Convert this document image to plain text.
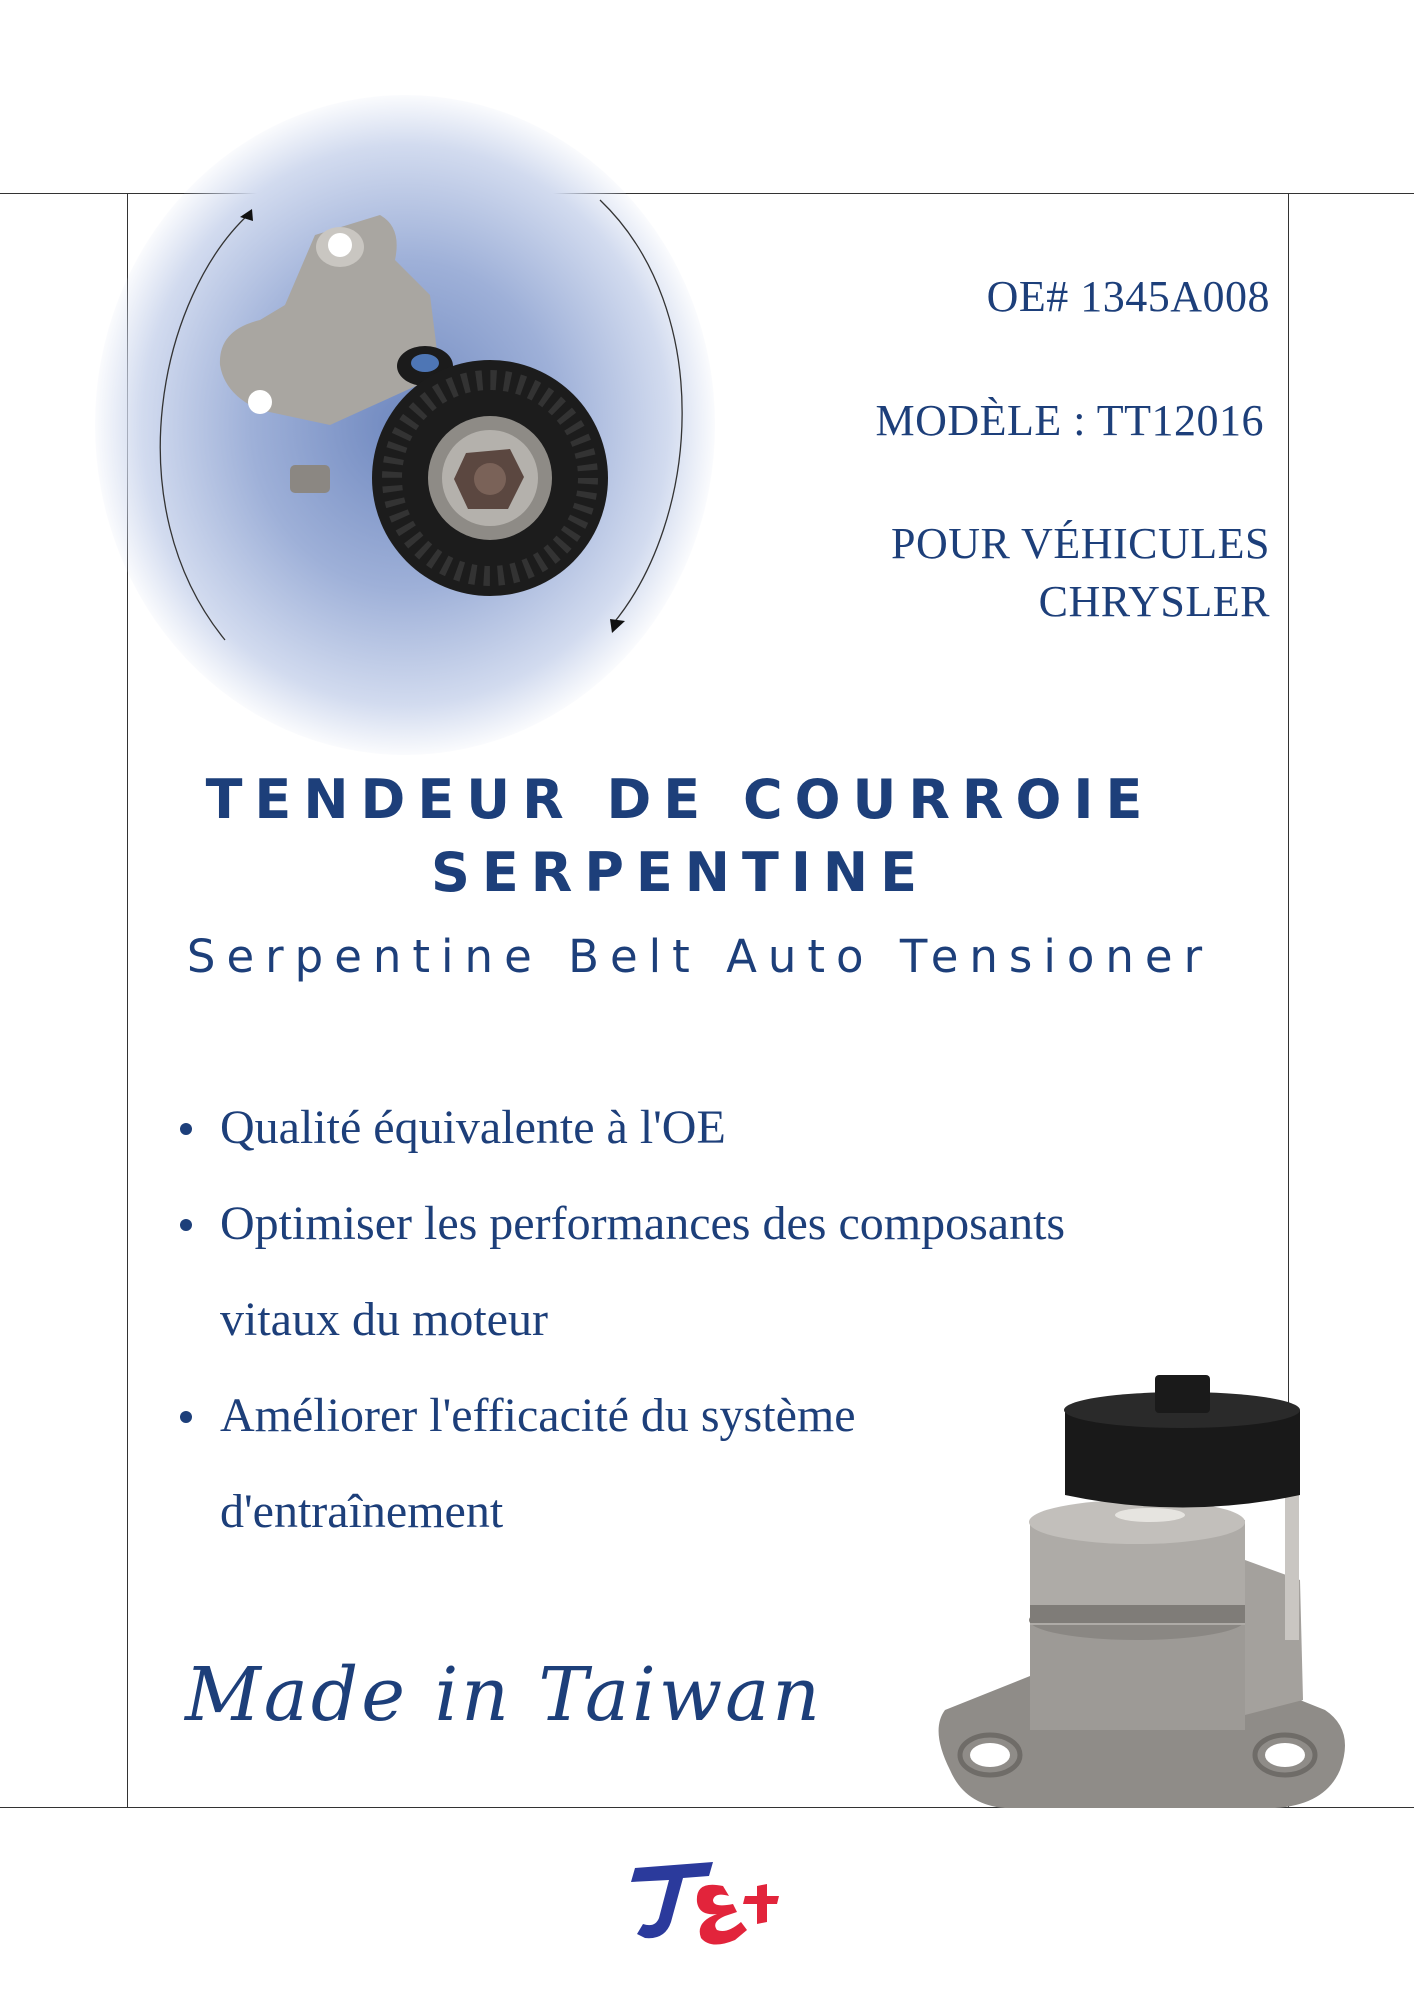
OE# 1345A008
MODÈLE : TT12016
POUR VÉHICULES
CHRYSLER
TENDEUR DE COURROIE
SERPENTINE
Serpentine Belt Auto Tensioner
Qualité équivalente à l'OE
Optimiser les performances des composants
vitaux du moteur
Améliorer l'efficacité du système
d'entraînement
Made in Taiwan
